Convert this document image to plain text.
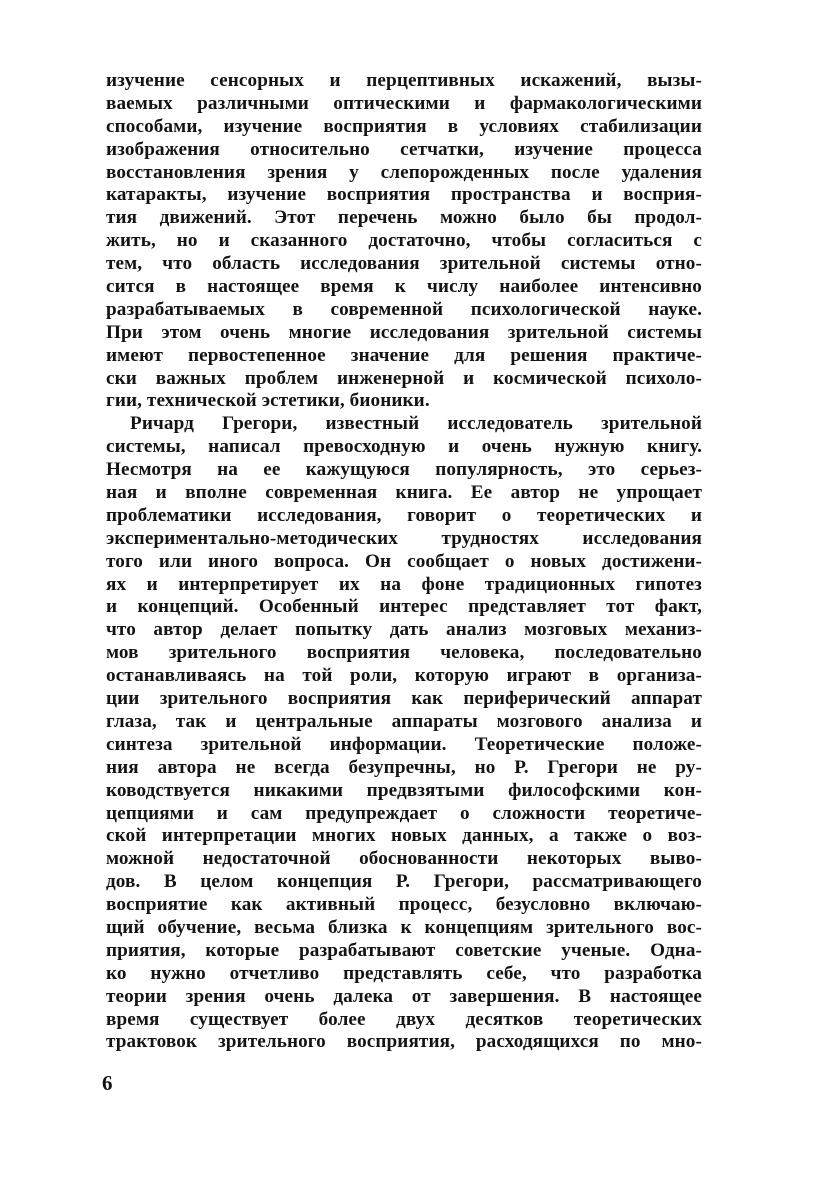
изучение сенсорных и перцептивных искажений, вызы-
ваемых различными оптическими и фармакологическими
способами, изучение восприятия в условиях стабилизации
изображения относительно сетчатки, изучение процесса
восстановления зрения у слепорожденных после удаления
катаракты, изучение восприятия пространства и восприя-
тия движений. Этот перечень можно было бы продол-
жить, но и сказанного достаточно, чтобы согласиться с
тем, что область исследования зрительной системы отно-
сится в настоящее время к числу наиболее интенсивно
разрабатываемых в современной психологической науке.
При этом очень многие исследования зрительной системы
имеют первостепенное значение для решения практиче-
ски важных проблем инженерной и космической психоло-
гии, технической эстетики, бионики.
Ричард Грегори, известный исследователь зрительной
системы, написал превосходную и очень нужную книгу.
Несмотря на ее кажущуюся популярность, это серьез-
ная и вполне современная книга. Ее автор не упрощает
проблематики исследования, говорит о теоретических и
экспериментально-методических трудностях исследования
того или иного вопроса. Он сообщает о новых достижени-
ях и интерпретирует их на фоне традиционных гипотез
и концепций. Особенный интерес представляет тот факт,
что автор делает попытку дать анализ мозговых механиз-
мов зрительного восприятия человека, последовательно
останавливаясь на той роли, которую играют в организа-
ции зрительного восприятия как периферический аппарат
глаза, так и центральные аппараты мозгового анализа и
синтеза зрительной информации. Теоретические положе-
ния автора не всегда безупречны, но Р. Грегори не ру-
ководствуется никакими предвзятыми философскими кон-
цепциями и сам предупреждает о сложности теоретиче-
ской интерпретации многих новых данных, а также о воз-
можной недостаточной обоснованности некоторых выво-
дов. В целом концепция Р. Грегори, рассматривающего
восприятие как активный процесс, безусловно включаю-
щий обучение, весьма близка к концепциям зрительного вос-
приятия, которые разрабатывают советские ученые. Одна-
ко нужно отчетливо представлять себе, что разработка
теории зрения очень далека от завершения. В настоящее
время существует более двух десятков теоретических
трактовок зрительного восприятия, расходящихся по мно-
6
